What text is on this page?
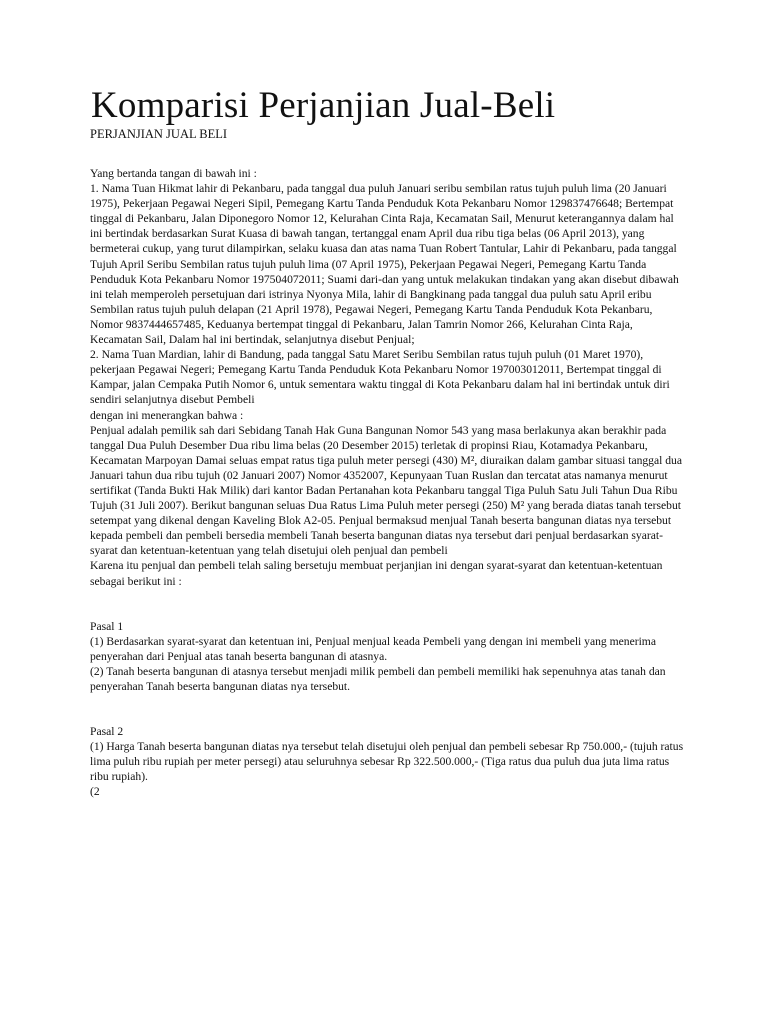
Komparisi Perjanjian Jual-Beli
PERJANJIAN JUAL BELI

Yang bertanda tangan di bawah ini :

1. Nama Tuan Hikmat lahir di Pekanbaru, pada tanggal dua puluh Januari seribu sembilan ratus tujuh puluh lima (20 Januari 1975), Pekerjaan Pegawai Negeri Sipil, Pemegang Kartu Tanda Penduduk Kota Pekanbaru Nomor 129837476648; Bertempat tinggal di Pekanbaru, Jalan Diponegoro Nomor 12, Kelurahan Cinta Raja, Kecamatan Sail, Menurut keterangannya dalam hal ini bertindak berdasarkan Surat Kuasa di bawah tangan, tertanggal enam April dua ribu tiga belas (06 April 2013), yang bermeterai cukup, yang turut dilampirkan, selaku kuasa dan atas nama Tuan Robert Tantular, Lahir di Pekanbaru, pada tanggal Tujuh April Seribu Sembilan ratus tujuh puluh lima (07 April 1975), Pekerjaan Pegawai Negeri, Pemegang Kartu Tanda Penduduk Kota Pekanbaru Nomor 197504072011; Suami dari-dan yang untuk melakukan tindakan yang akan disebut dibawah ini telah memperoleh persetujuan dari istrinya Nyonya Mila, lahir di Bangkinang pada tanggal dua puluh satu April eribu Sembilan ratus tujuh puluh delapan (21 April 1978), Pegawai Negeri, Pemegang Kartu Tanda Penduduk Kota Pekanbaru, Nomor 9837444657485, Keduanya bertempat tinggal di Pekanbaru, Jalan Tamrin Nomor 266, Kelurahan Cinta Raja, Kecamatan Sail, Dalam hal ini bertindak, selanjutnya disebut Penjual;

2. Nama Tuan Mardian, lahir di Bandung, pada tanggal Satu Maret Seribu Sembilan ratus tujuh puluh (01 Maret 1970), pekerjaan Pegawai Negeri; Pemegang Kartu Tanda Penduduk Kota Pekanbaru Nomor 197003012011, Bertempat tinggal di Kampar, jalan Cempaka Putih Nomor 6, untuk sementara waktu tinggal di Kota Pekanbaru dalam hal ini bertindak untuk diri sendiri selanjutnya disebut Pembeli

dengan ini menerangkan bahwa :

Penjual adalah pemilik sah dari Sebidang Tanah Hak Guna Bangunan Nomor 543 yang masa berlakunya akan berakhir pada tanggal Dua Puluh Desember Dua ribu lima belas (20 Desember 2015) terletak di propinsi Riau, Kotamadya Pekanbaru, Kecamatan Marpoyan Damai seluas empat ratus tiga puluh meter persegi (430) M², diuraikan dalam gambar situasi tanggal dua Januari tahun dua ribu tujuh (02 Januari 2007) Nomor 4352007, Kepunyaan Tuan Ruslan dan tercatat atas namanya menurut sertifikat (Tanda Bukti Hak Milik) dari kantor Badan Pertanahan kota Pekanbaru tanggal Tiga Puluh Satu Juli Tahun Dua Ribu Tujuh (31 Juli 2007). Berikut bangunan seluas Dua Ratus Lima Puluh meter persegi (250) M² yang berada diatas tanah tersebut setempat yang dikenal dengan Kaveling Blok A2-05. Penjual bermaksud menjual Tanah beserta bangunan diatas nya tersebut kepada pembeli dan pembeli bersedia membeli Tanah beserta bangunan diatas nya tersebut dari penjual berdasarkan syarat-syarat dan ketentuan-ketentuan yang telah disetujui oleh penjual dan pembeli

Karena itu penjual dan pembeli telah saling bersetuju membuat perjanjian ini dengan syarat-syarat dan ketentuan-ketentuan sebagai berikut ini :

Pasal 1

(1) Berdasarkan syarat-syarat dan ketentuan ini, Penjual menjual keada Pembeli yang dengan ini membeli yang menerima penyerahan dari Penjual atas tanah beserta bangunan di atasnya.

(2) Tanah beserta bangunan di atasnya tersebut menjadi milik pembeli dan pembeli memiliki hak sepenuhnya atas tanah dan penyerahan Tanah beserta bangunan diatas nya tersebut.

Pasal 2

(1) Harga Tanah beserta bangunan diatas nya tersebut telah disetujui oleh penjual dan pembeli sebesar Rp 750.000,- (tujuh ratus lima puluh ribu rupiah per meter persegi) atau seluruhnya sebesar Rp 322.500.000,- (Tiga ratus dua puluh dua juta lima ratus ribu rupiah).

(2
